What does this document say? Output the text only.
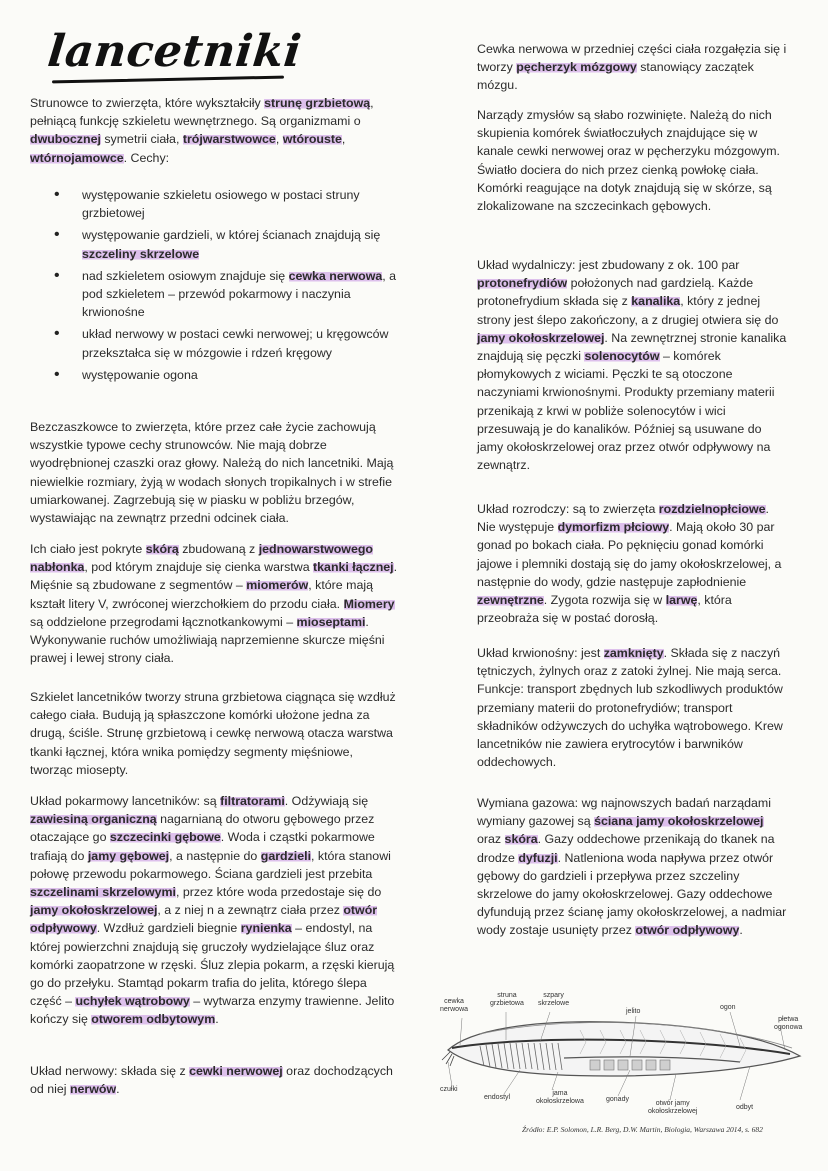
lancetniki

Strunowce to zwierzęta, które wykształciły strunę grzbietową, pełniącą funkcję szkieletu wewnętrznego. Są organizmami o dwubocznej symetrii ciała, trójwarstwowce, wtórouste, wtórnojamowce. Cechy:

• występowanie szkieletu osiowego w postaci struny grzbietowej
• występowanie gardzieli, w której ścianach znajdują się szczeliny skrzelowe
• nad szkieletem osiowym znajduje się cewka nerwowa, a pod szkieletem – przewód pokarmowy i naczynia krwionośne
• układ nerwowy w postaci cewki nerwowej; u kręgowców przekształca się w mózgowie i rdzeń kręgowy
• występowanie ogona

Bezczaszkowce to zwierzęta, które przez całe życie zachowują wszystkie typowe cechy strunowców. Nie mają dobrze wyodrębnionej czaszki oraz głowy. Należą do nich lancetniki. Mają niewielkie rozmiary, żyją w wodach słonych tropikalnych i w strefie umiarkowanej. Zagrzebują się w piasku w pobliżu brzegów, wystawiając na zewnątrz przedni odcinek ciała.

Ich ciało jest pokryte skórą zbudowaną z jednowarstwowego nabłonka, pod którym znajduje się cienka warstwa tkanki łącznej. Mięśnie są zbudowane z segmentów – miomerów, które mają kształt litery V, zwróconej wierzchołkiem do przodu ciała. Miomery są oddzielone przegrodami łącznotkankowymi – mioseptami. Wykonywanie ruchów umożliwiają naprzemienne skurcze mięśni prawej i lewej strony ciała.

Szkielet lancetników tworzy struna grzbietowa ciągnąca się wzdłuż całego ciała. Budują ją spłaszczone komórki ułożone jedna za drugą, ściśle. Strunę grzbietową i cewkę nerwową otacza warstwa tkanki łącznej, która wnika pomiędzy segmenty mięśniowe, tworząc miosepty.

Układ pokarmowy lancetników: są filtratorami. Odżywiają się zawiesiną organiczną nagarnianą do otworu gębowego przez otaczające go szczecinki gębowe. Woda i cząstki pokarmowe trafiają do jamy gębowej, a następnie do gardzieli, która stanowi połowę przewodu pokarmowego. Ściana gardzieli jest przebita szczelinami skrzelowymi, przez które woda przedostaje się do jamy okołoskrzelowej, a z niej n a zewnątrz ciała przez otwór odpływowy. Wzdłuż gardzieli biegnie rynienka – endostyl, na której powierzchni znajdują się gruczoły wydzielające śluz oraz komórki zaopatrzone w rzęski. Śluz zlepia pokarm, a rzęski kierują go do przełyku. Stamtąd pokarm trafia do jelita, którego ślepa część – uchyłek wątrobowy – wytwarza enzymy trawienne. Jelito kończy się otworem odbytowym.

Układ nerwowy: składa się z cewki nerwowej oraz dochodzących od niej nerwów.

Cewka nerwowa w przedniej części ciała rozgałęzia się i tworzy pęcherzyk mózgowy stanowiący zaczątek mózgu.

Narządy zmysłów są słabo rozwinięte. Należą do nich skupienia komórek światłoczułych znajdujące się w kanale cewki nerwowej oraz w pęcherzyku mózgowym. Światło dociera do nich przez cienką powłokę ciała. Komórki reagujące na dotyk znajdują się w skórze, są zlokalizowane na szczecinkach gębowych.

Układ wydalniczy: jest zbudowany z ok. 100 par protonefrydiów położonych nad gardzielą. Każde protonefrydium składa się z kanalika, który z jednej strony jest ślepo zakończony, a z drugiej otwiera się do jamy okołoskrzelowej. Na zewnętrznej stronie kanalika znajdują się pęczki solenocytów – komórek płomykowych z wiciami. Pęczki te są otoczone naczyniami krwionośnymi. Produkty przemiany materii przenikają z krwi w pobliże solenocytów i wici przesuwają je do kanalików. Później są usuwane do jamy okołoskrzelowej oraz przez otwór odpływowy na zewnątrz.

Układ rozrodczy: są to zwierzęta rozdzielnopłciowe. Nie występuje dymorfizm płciowy. Mają około 30 par gonad po bokach ciała. Po pęknięciu gonad komórki jajowe i plemniki dostają się do jamy okołoskrzelowej, a następnie do wody, gdzie następuje zapłodnienie zewnętrzne. Zygota rozwija się w larwę, która przeobraża się w postać dorosłą.

Układ krwionośny: jest zamknięty. Składa się z naczyń tętniczych, żylnych oraz z zatoki żylnej. Nie mają serca. Funkcje: transport zbędnych lub szkodliwych produktów przemiany materii do protonefrydiów; transport składników odżywczych do uchyłka wątrobowego. Krew lancetników nie zawiera erytrocytów i barwników oddechowych.

Wymiana gazowa: wg najnowszych badań narządami wymiany gazowej są ściana jamy okołoskrzelowej oraz skóra. Gazy oddechowe przenikają do tkanek na drodze dyfuzji. Natleniona woda napływa przez otwór gębowy do gardzieli i przepływa przez szczeliny skrzelowe do jamy okołoskrzelowej. Gazy oddechowe dyfundują przez ścianę jamy okołoskrzelowej, a nadmiar wody zostaje usunięty przez otwór odpływowy.

cewka
nerwowa
struna
grzbietowa
szpary
skrzelowe
jelito
ogon
płetwa
ogonowa
czułki
endostyl
jama
okołoskrzelowa	gonady
otwór jamy
okołoskrzelowej
odbyt
Źródło: E.P. Solomon, L.R. Berg, D.W. Martin, Biologia, Warszawa 2014, s. 682
